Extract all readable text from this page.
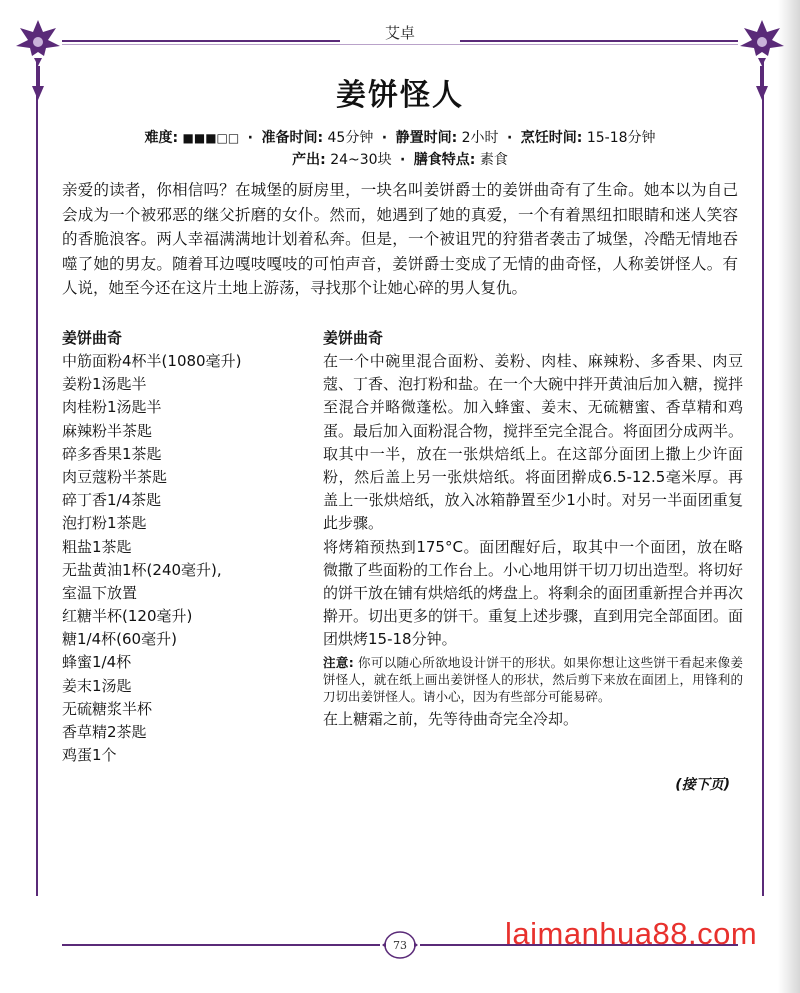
艾卓
姜饼怪人
难度: ■■■□□ · 准备时间: 45分钟 · 静置时间: 2小时 · 烹饪时间: 15-18分钟
产出: 24~30块 · 膳食特点: 素食

亲爱的读者，你相信吗？在城堡的厨房里，一块名叫姜饼爵士的姜饼曲奇有了生命。她本以为自己会成为一个被邪恶的继父折磨的女仆。然而，她遇到了她的真爱，一个有着黑纽扣眼睛和迷人笑容的香脆浪客。两人幸福满满地计划着私奔。但是，一个被诅咒的狩猎者袭击了城堡，冷酷无情地吞噬了她的男友。随着耳边嘎吱嘎吱的可怕声音，姜饼爵士变成了无情的曲奇怪，人称姜饼怪人。有人说，她至今还在这片土地上游荡，寻找那个让她心碎的男人复仇。

姜饼曲奇	姜饼曲奇
中筋面粉4杯半(1080毫升)
姜粉1汤匙半
肉桂粉1汤匙半
麻辣粉半茶匙
碎多香果1茶匙
肉豆蔻粉半茶匙
碎丁香1/4茶匙
泡打粉1茶匙
粗盐1茶匙
无盐黄油1杯(240毫升),
室温下放置
红糖半杯(120毫升)
糖1/4杯(60毫升)
蜂蜜1/4杯
姜末1汤匙
无硫糖浆半杯
香草精2茶匙
鸡蛋1个

在一个中碗里混合面粉、姜粉、肉桂、麻辣粉、多香果、肉豆蔻、丁香、泡打粉和盐。在一个大碗中拌开黄油后加入糖，搅拌至混合并略微蓬松。加入蜂蜜、姜末、无硫糖蜜、香草精和鸡蛋。最后加入面粉混合物，搅拌至完全混合。将面团分成两半。

取其中一半，放在一张烘焙纸上。在这部分面团上撒上少许面粉，然后盖上另一张烘焙纸。将面团擀成6.5-12.5毫米厚。再盖上一张烘焙纸，放入冰箱静置至少1小时。对另一半面团重复此步骤。

将烤箱预热到175°C。面团醒好后，取其中一个面团，放在略微撒了些面粉的工作台上。小心地用饼干切刀切出造型。将切好的饼干放在铺有烘焙纸的烤盘上。将剩余的面团重新捏合并再次擀开。切出更多的饼干。重复上述步骤，直到用完全部面团。面团烘烤15-18分钟。

注意: 你可以随心所欲地设计饼干的形状。如果你想让这些饼干看起来像姜饼怪人，就在纸上画出姜饼怪人的形状，然后剪下来放在面团上，用锋利的刀切出姜饼怪人。请小心，因为有些部分可能易碎。

在上糖霜之前，先等待曲奇完全冷却。

(接下页)
73	laimanhua88.com
